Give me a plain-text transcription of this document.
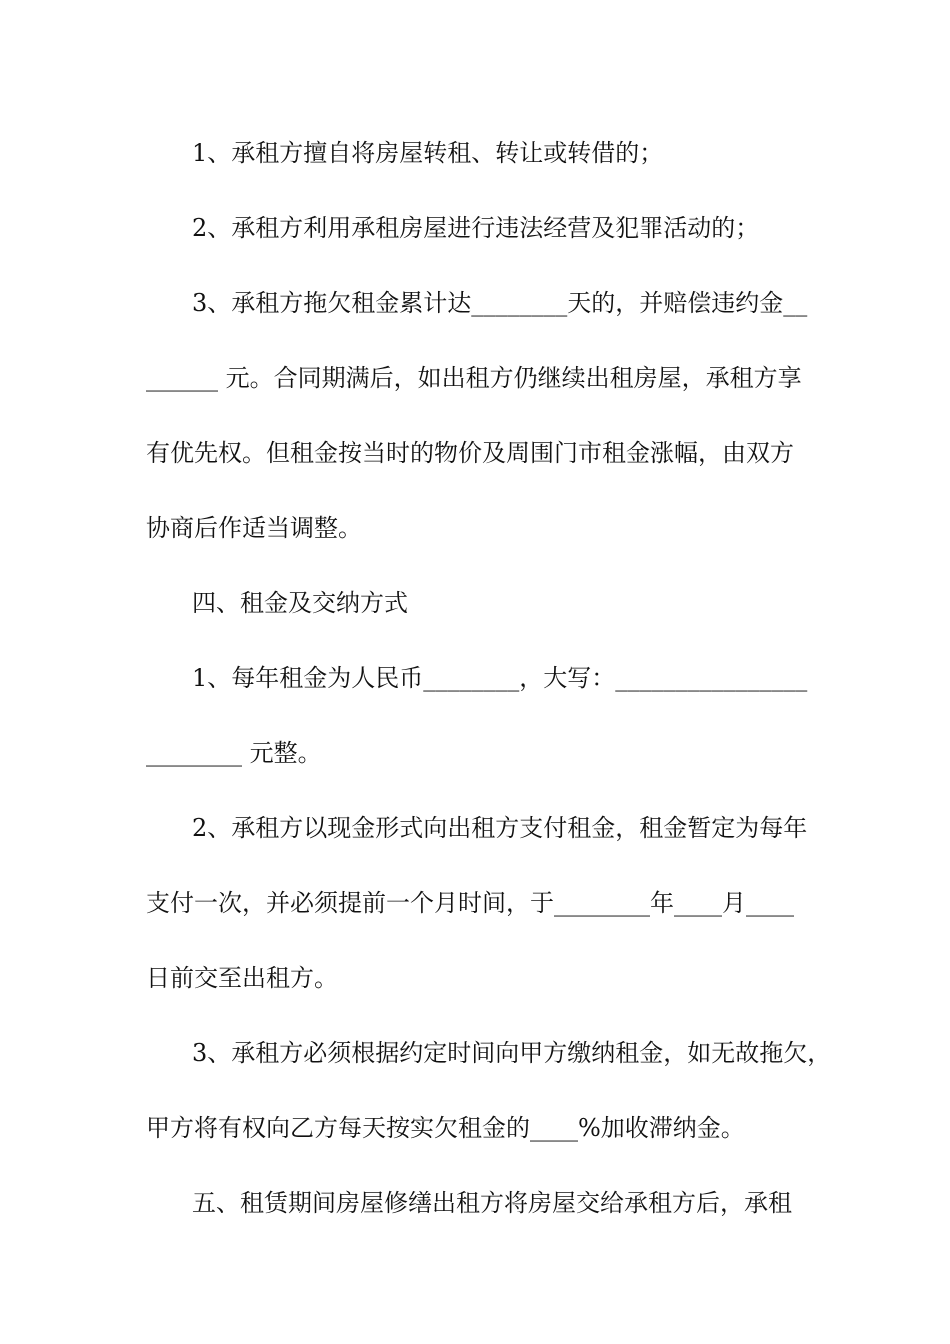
1、承租方擅自将房屋转租、转让或转借的；
2、承租方利用承租房屋进行违法经营及犯罪活动的；
3、承租方拖欠租金累计达________天的，并赔偿违约金__
______ 元。合同期满后，如出租方仍继续出租房屋，承租方享
有优先权。但租金按当时的物价及周围门市租金涨幅，由双方
协商后作适当调整。
四、租金及交纳方式
1、每年租金为人民币________，大写：________________
________ 元整。
2、承租方以现金形式向出租方支付租金，租金暂定为每年
支付一次，并必须提前一个月时间，于________年____月____
日前交至出租方。
3、承租方必须根据约定时间向甲方缴纳租金，如无故拖欠，
甲方将有权向乙方每天按实欠租金的____%加收滞纳金。
五、租赁期间房屋修缮出租方将房屋交给承租方后，承租
